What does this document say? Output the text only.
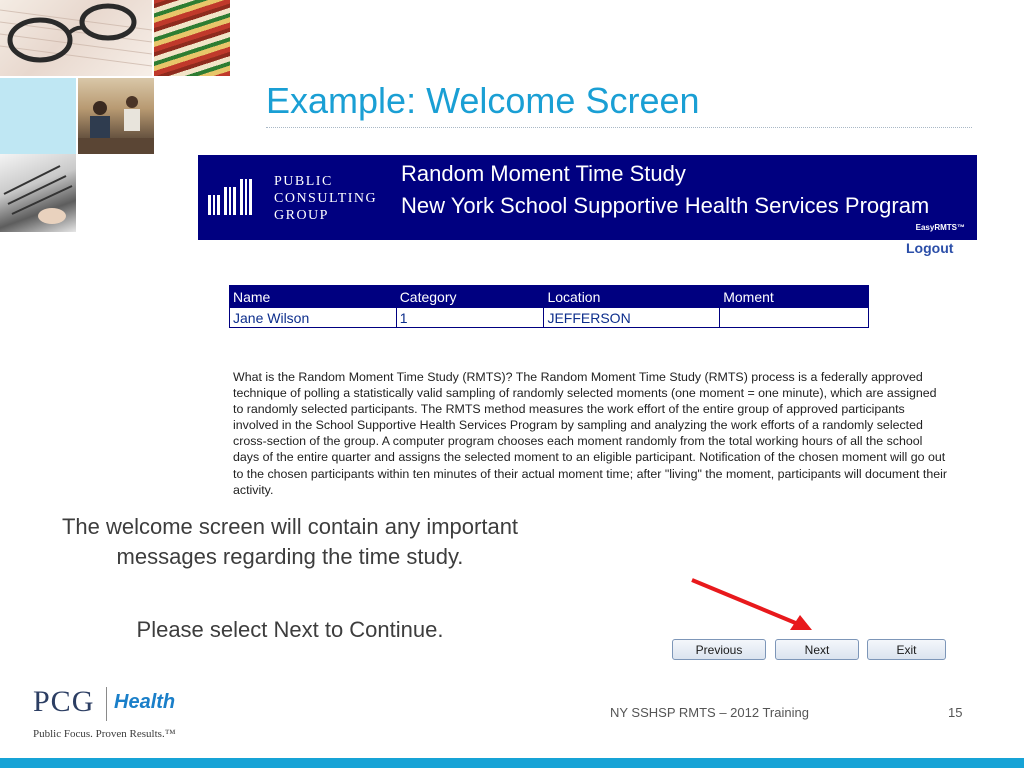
Example: Welcome Screen
PUBLIC
CONSULTING
GROUP
Random Moment Time Study
New York School Supportive Health Services Program
EasyRMTS™
Logout
Name	Category	Location	Moment
Jane Wilson	1	JEFFERSON	

What is the Random Moment Time Study (RMTS)? The Random Moment Time Study (RMTS) process is a federally approved technique of polling a statistically valid sampling of randomly selected moments (one moment = one minute), which are assigned to randomly selected participants. The RMTS method measures the work effort of the entire group of approved participants involved in the School Supportive Health Services Program by sampling and analyzing the work efforts of a randomly selected cross-section of the group. A computer program chooses each moment randomly from the total working hours of all the school days of the entire quarter and assigns the selected moment to an eligible participant. Notification of the chosen moment will go out to the chosen participants within ten minutes of their actual moment time; after "living" the moment, participants will document their activity.

The welcome screen will contain any important messages regarding the time study.
Please select Next to Continue.
Previous	Next	Exit
PCG Health
Public Focus. Proven Results.™
NY SSHSP RMTS – 2012 Training	15
